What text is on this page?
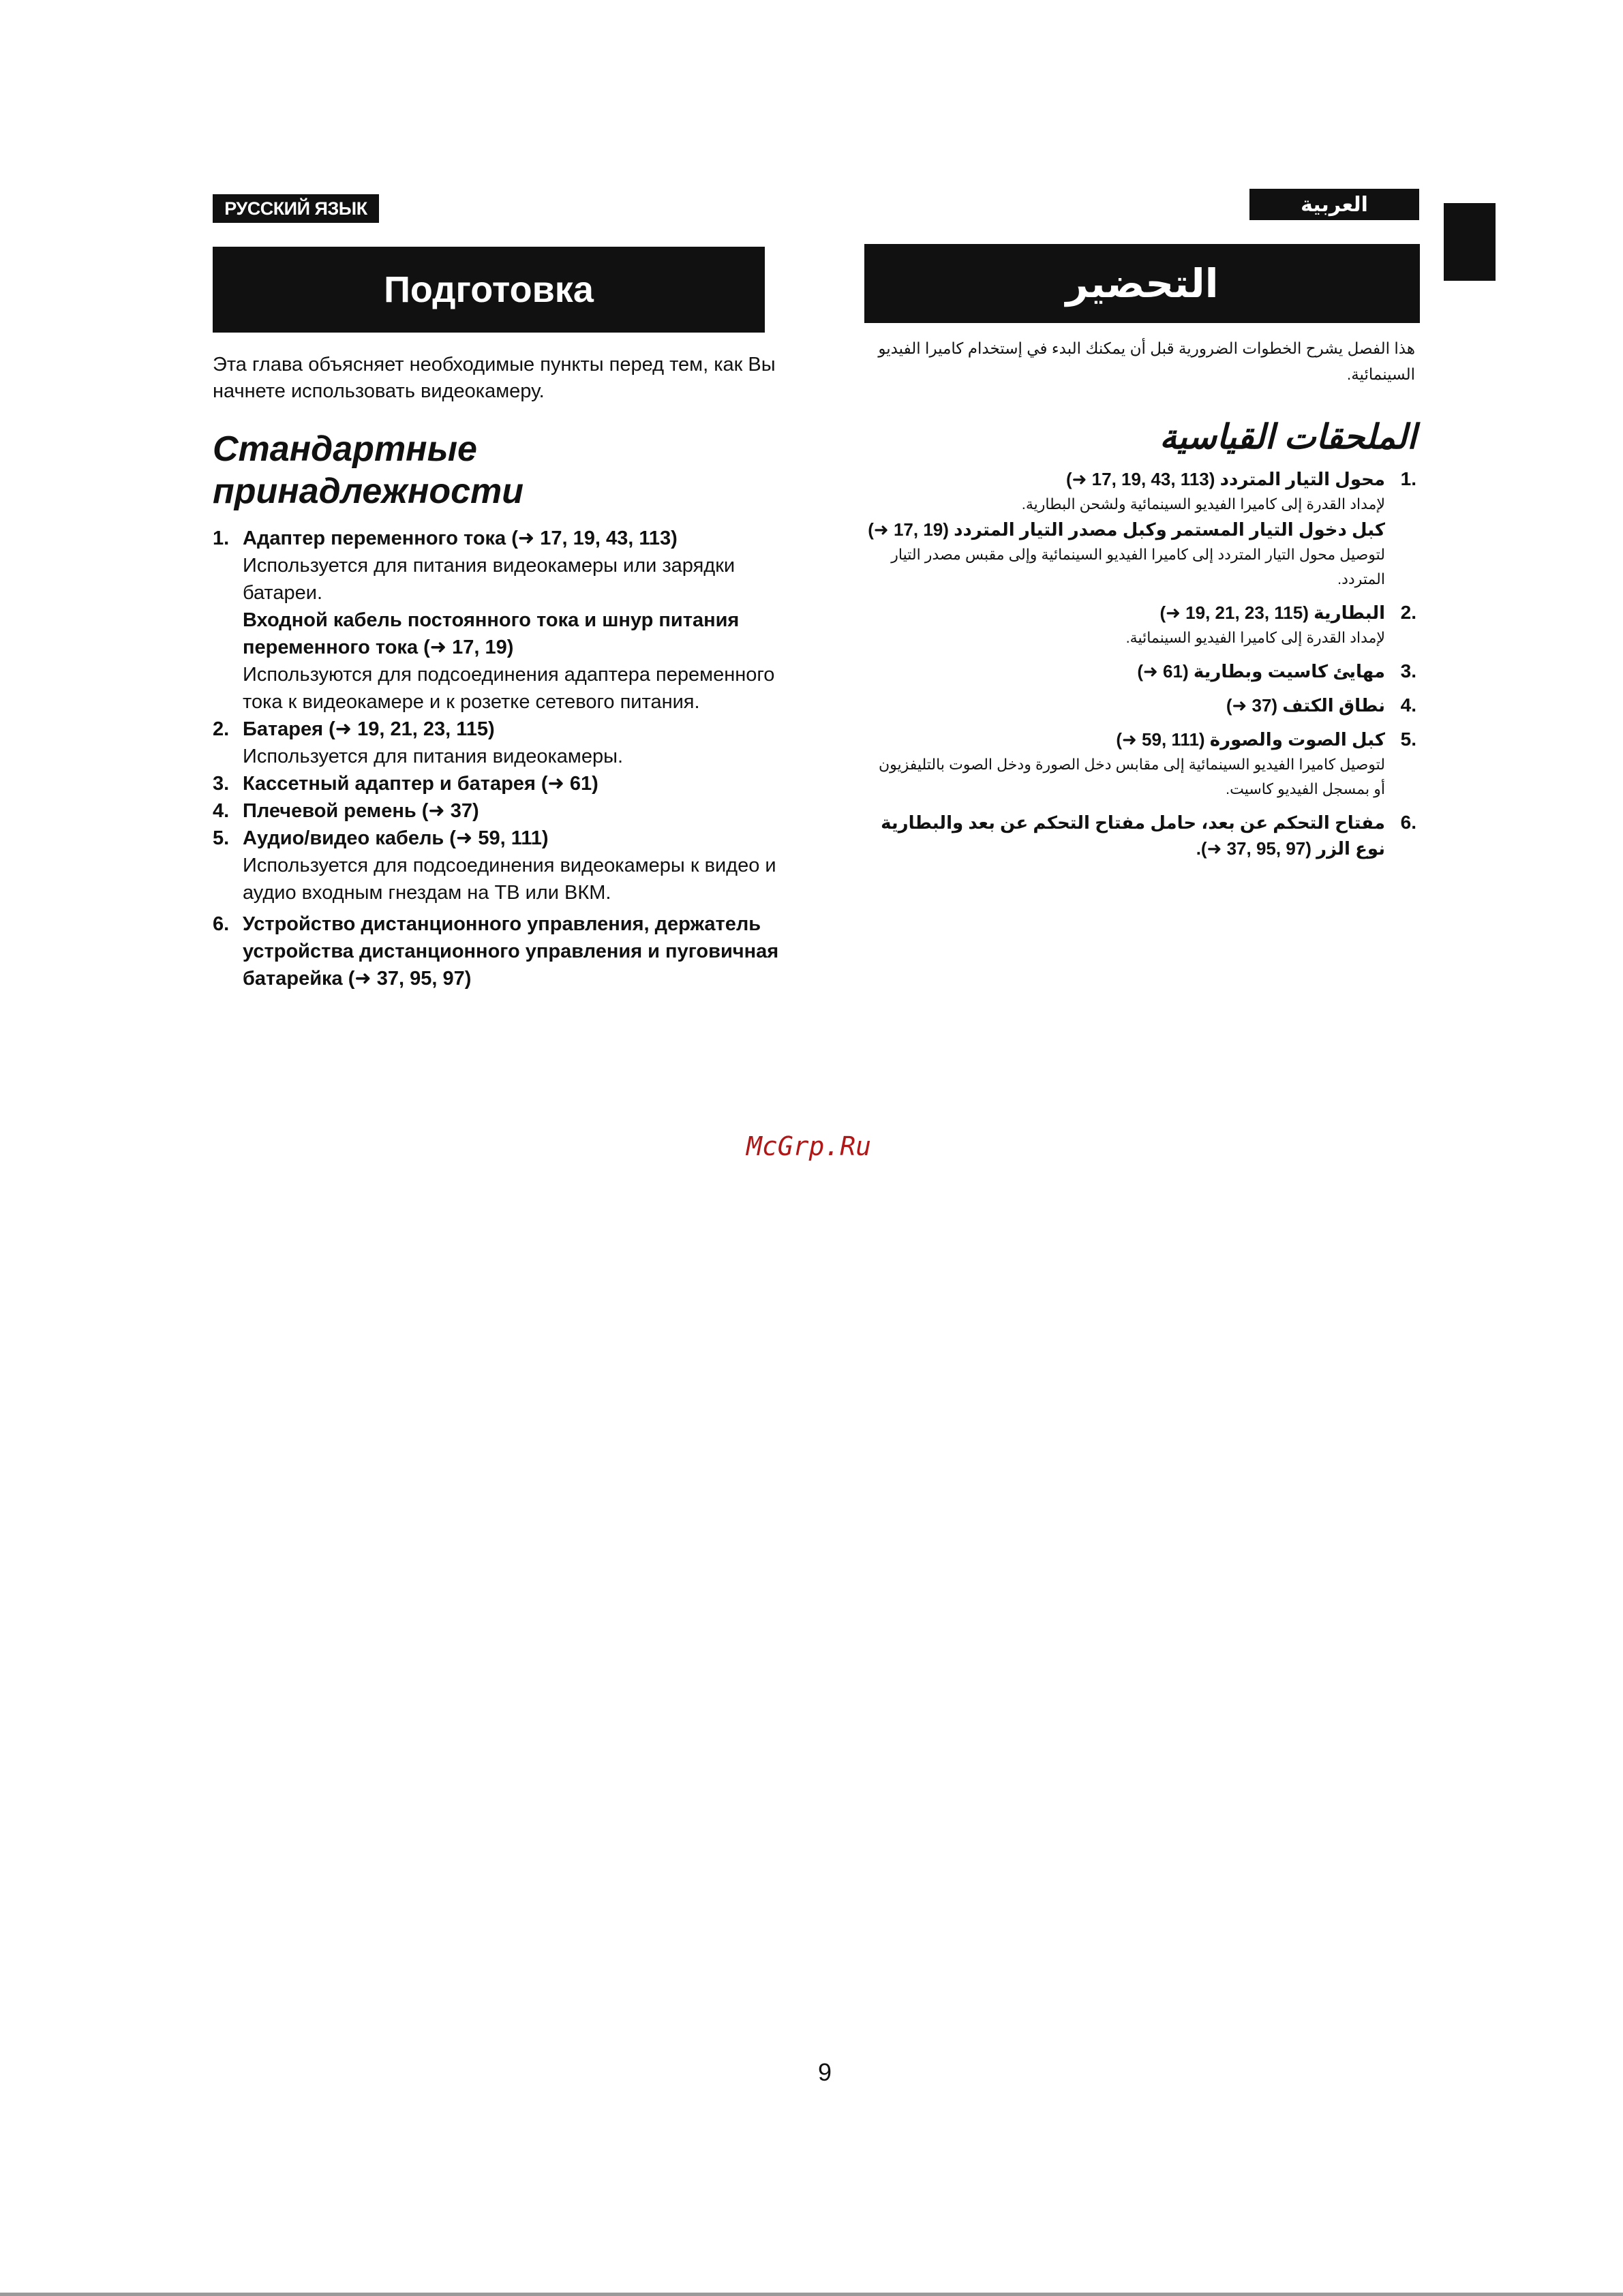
РУССКИЙ ЯЗЫК	العربية
Подготовка	التحضير

Эта глава объясняет необходимые пункты перед тем, как Вы начнете использовать видеокамеру.

Стандартные
принадлежности
1. Адаптер переменного тока (➜ 17, 19, 43, 113)
Используется для питания видеокамеры или зарядки батареи.
Входной кабель постоянного тока и шнур питания переменного тока (➜ 17, 19)
Используются для подсоединения адаптера переменного тока к видеокамере и к розетке сетевого питания.
2. Батарея (➜ 19, 21, 23, 115)
Используется для питания видеокамеры.
3. Кассетный адаптер и батарея (➜ 61)
4. Плечевой ремень (➜ 37)
5. Аудио/видео кабель (➜ 59, 111)
Используется для подсоединения видеокамеры к видео и аудио входным гнездам на ТВ или ВКМ.
6. Устройство дистанционного управления, держатель устройства дистанционного управления и пуговичная батарейка (➜ 37, 95, 97)

هذا الفصل يشرح الخطوات الضرورية قبل أن يمكنك البدء في إستخدام كاميرا الفيديو السينمائية.

الملحقات القياسية
.1
محول التيار المتردد (113 ,43 ,19 ,17 ➜)
لإمداد القدرة إلى كاميرا الفيديو السينمائية ولشحن البطارية.
كبل دخول التيار المستمر وكبل مصدر التيار المتردد (19 ,17 ➜)
لتوصيل محول التيار المتردد إلى كاميرا الفيديو السينمائية وإلى مقبس مصدر التيار المتردد.
.2
البطارية (115 ,23 ,21 ,19 ➜)
لإمداد القدرة إلى كاميرا الفيديو السينمائية.
.3
مهايئ كاسيت وبطارية (61 ➜)
.4
نطاق الكتف (37 ➜)
.5
كبل الصوت والصورة (111 ,59 ➜)
لتوصيل كاميرا الفيديو السينمائية إلى مقابس دخل الصورة ودخل الصوت بالتليفزيون أو بمسجل الفيديو كاسيت.
.6
مفتاح التحكم عن بعد، حامل مفتاح التحكم عن بعد والبطارية نوع الزر (97 ,95 ,37 ➜).
McGrp.Ru
9
